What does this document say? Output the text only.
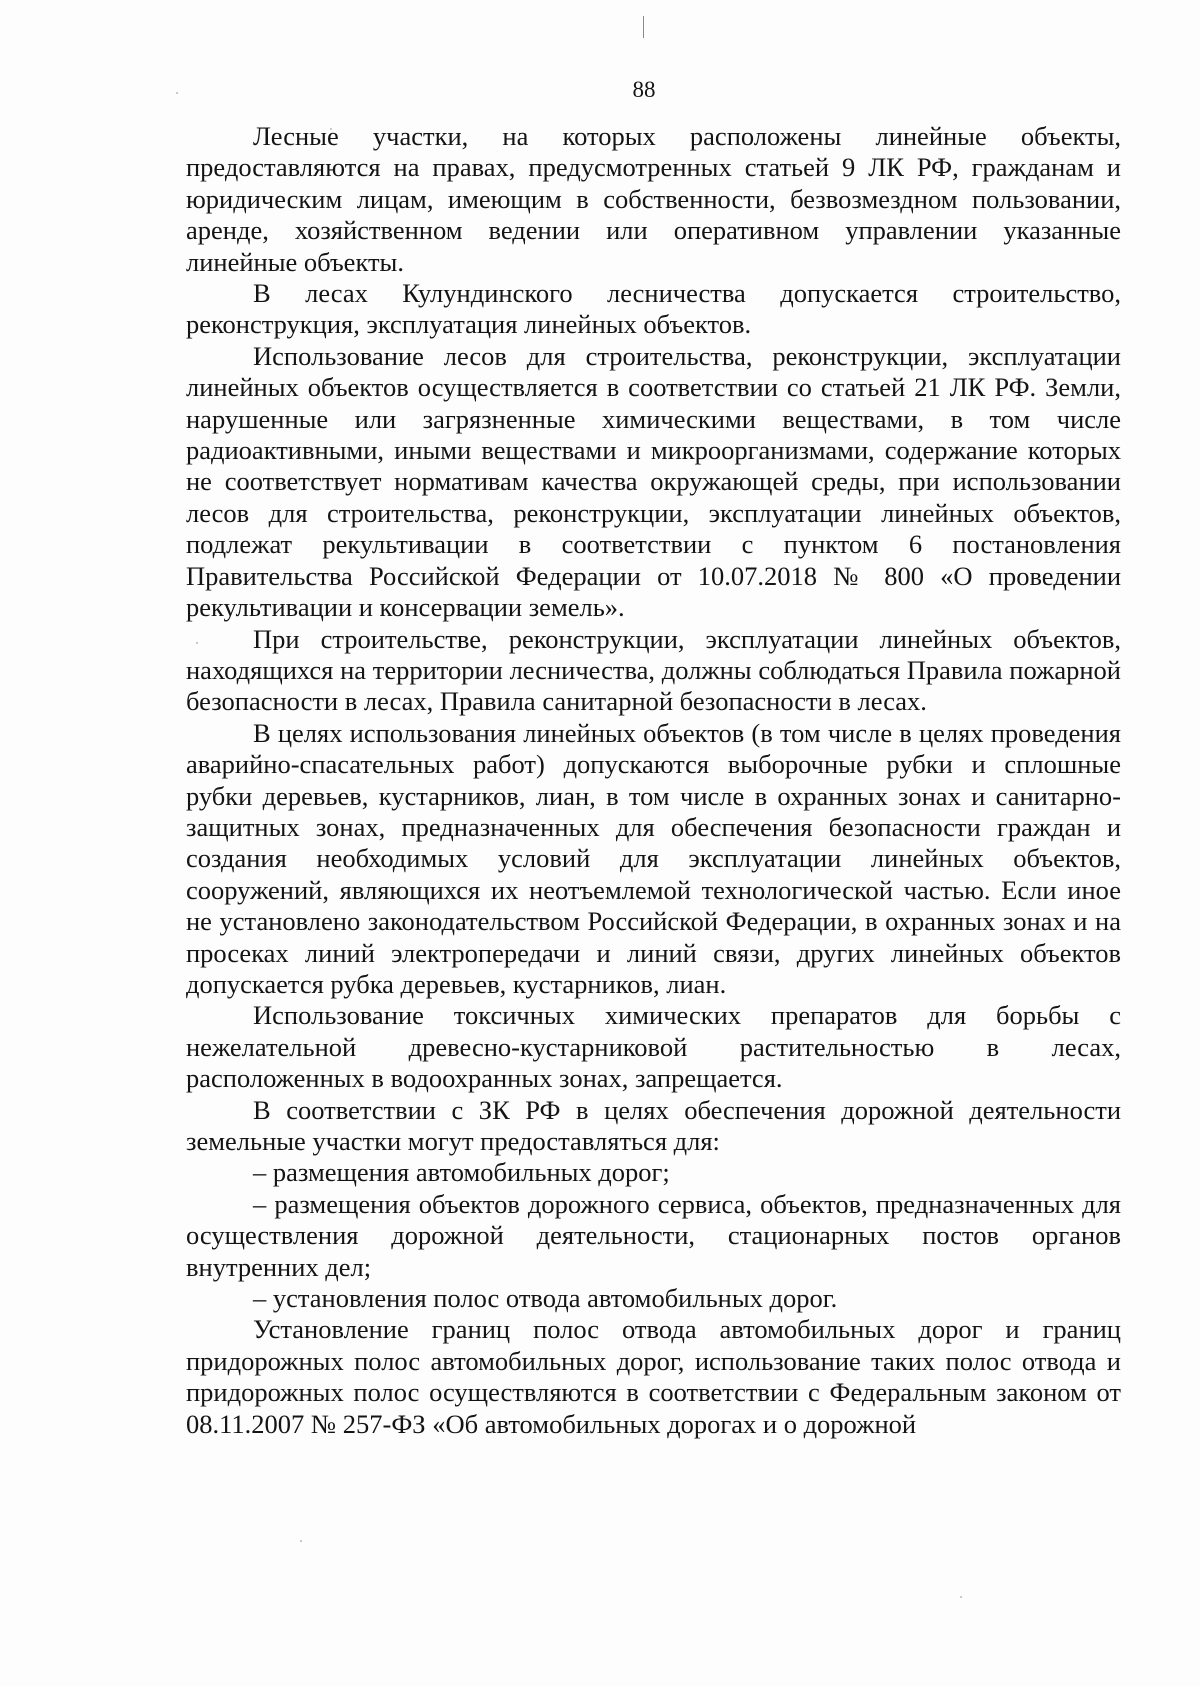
88

Лесные участки, на которых расположены линейные объекты, предоставляются на правах, предусмотренных статьей 9 ЛК РФ, гражданам и юридическим лицам, имеющим в собственности, безвозмездном пользовании, аренде, хозяйственном ведении или оперативном управлении указанные линейные объекты.

В лесах Кулундинского лесничества допускается строительство, реконструкция, эксплуатация линейных объектов.

Использование лесов для строительства, реконструкции, эксплуатации линейных объектов осуществляется в соответствии со статьей 21 ЛК РФ. Земли, нарушенные или загрязненные химическими веществами, в том числе радиоактивными, иными веществами и микроорганизмами, содержание которых не соответствует нормативам качества окружающей среды, при использовании лесов для строительства, реконструкции, эксплуатации линейных объектов, подлежат рекультивации в соответствии с пунктом 6 постановления Правительства Российской Федерации от 10.07.2018 № 800 «О проведении рекультивации и консервации земель».

При строительстве, реконструкции, эксплуатации линейных объектов, находящихся на территории лесничества, должны соблюдаться Правила пожарной безопасности в лесах, Правила санитарной безопасности в лесах.

В целях использования линейных объектов (в том числе в целях проведения аварийно-спасательных работ) допускаются выборочные рубки и сплошные рубки деревьев, кустарников, лиан, в том числе в охранных зонах и санитарно-защитных зонах, предназначенных для обеспечения безопасности граждан и создания необходимых условий для эксплуатации линейных объектов, сооружений, являющихся их неотъемлемой технологической частью. Если иное не установлено законодательством Российской Федерации, в охранных зонах и на просеках линий электропередачи и линий связи, других линейных объектов допускается рубка деревьев, кустарников, лиан.

Использование токсичных химических препаратов для борьбы с нежелательной древесно-кустарниковой растительностью в лесах, расположенных в водоохранных зонах, запрещается.

В соответствии с ЗК РФ в целях обеспечения дорожной деятельности земельные участки могут предоставляться для:

– размещения автомобильных дорог;

– размещения объектов дорожного сервиса, объектов, предназначенных для осуществления дорожной деятельности, стационарных постов органов внутренних дел;

– установления полос отвода автомобильных дорог.

Установление границ полос отвода автомобильных дорог и границ придорожных полос автомобильных дорог, использование таких полос отвода и придорожных полос осуществляются в соответствии с Федеральным законом от 08.11.2007 № 257-ФЗ «Об автомобильных дорогах и о дорожной
